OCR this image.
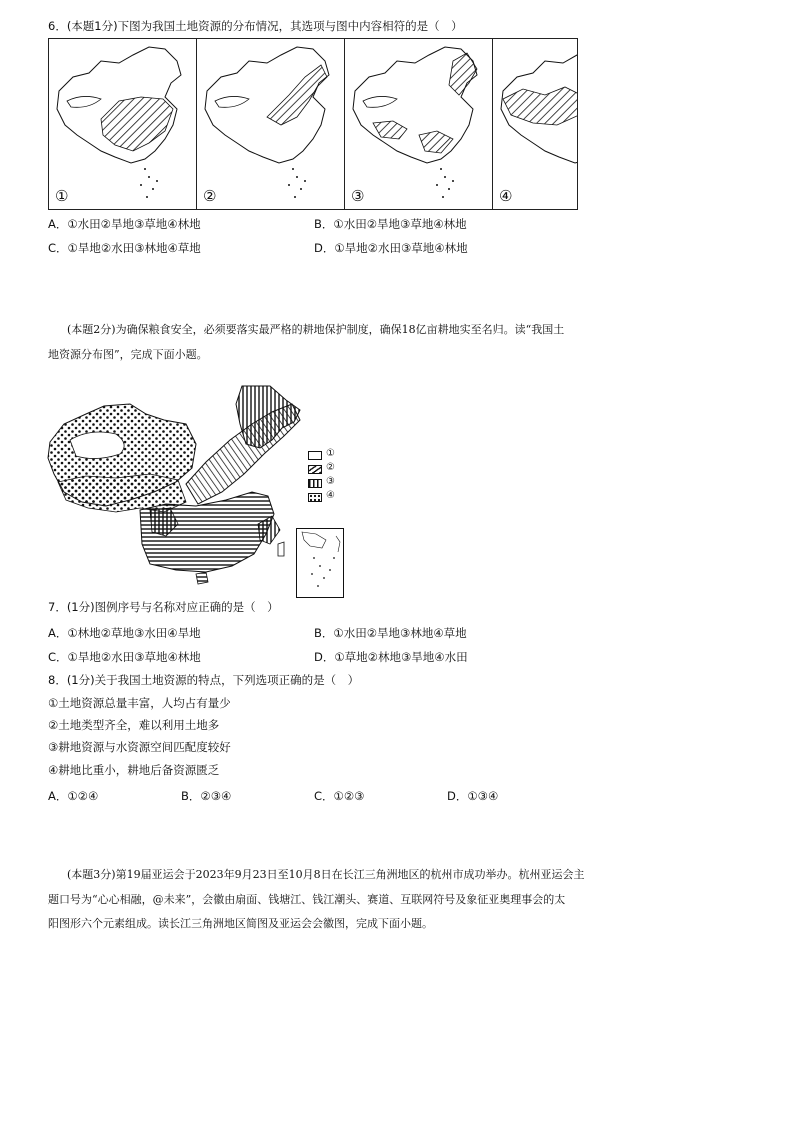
6．(本题1分)下图为我国土地资源的分布情况，其选项与图中内容相符的是（　）
①	②	③	④
A．①水田②旱地③草地④林地	B．①水田②旱地③草地④林地
C．①旱地②水田③林地④草地	D．①旱地②水田③草地④林地
(本题2分)为确保粮食安全，必须要落实最严格的耕地保护制度，确保18亿亩耕地实至名归。读“我国土
地资源分布图”，完成下面小题。
①
②
③
④
7．(1分)图例序号与名称对应正确的是（　）
A．①林地②草地③水田④旱地	B．①水田②旱地③林地④草地
C．①旱地②水田③草地④林地	D．①草地②林地③旱地④水田
8．(1分)关于我国土地资源的特点，下列选项正确的是（　）
①土地资源总量丰富，人均占有量少
②土地类型齐全，难以利用土地多
③耕地资源与水资源空间匹配度较好
④耕地比重小，耕地后备资源匮乏
A．①②④	B．②③④	C．①②③	D．①③④
(本题3分)第19届亚运会于2023年9月23日至10月8日在长江三角洲地区的杭州市成功举办。杭州亚运会主
题口号为“心心相融，@未来”，会徽由扇面、钱塘江、钱江潮头、赛道、互联网符号及象征亚奥理事会的太
阳图形六个元素组成。读长江三角洲地区简图及亚运会会徽图，完成下面小题。
